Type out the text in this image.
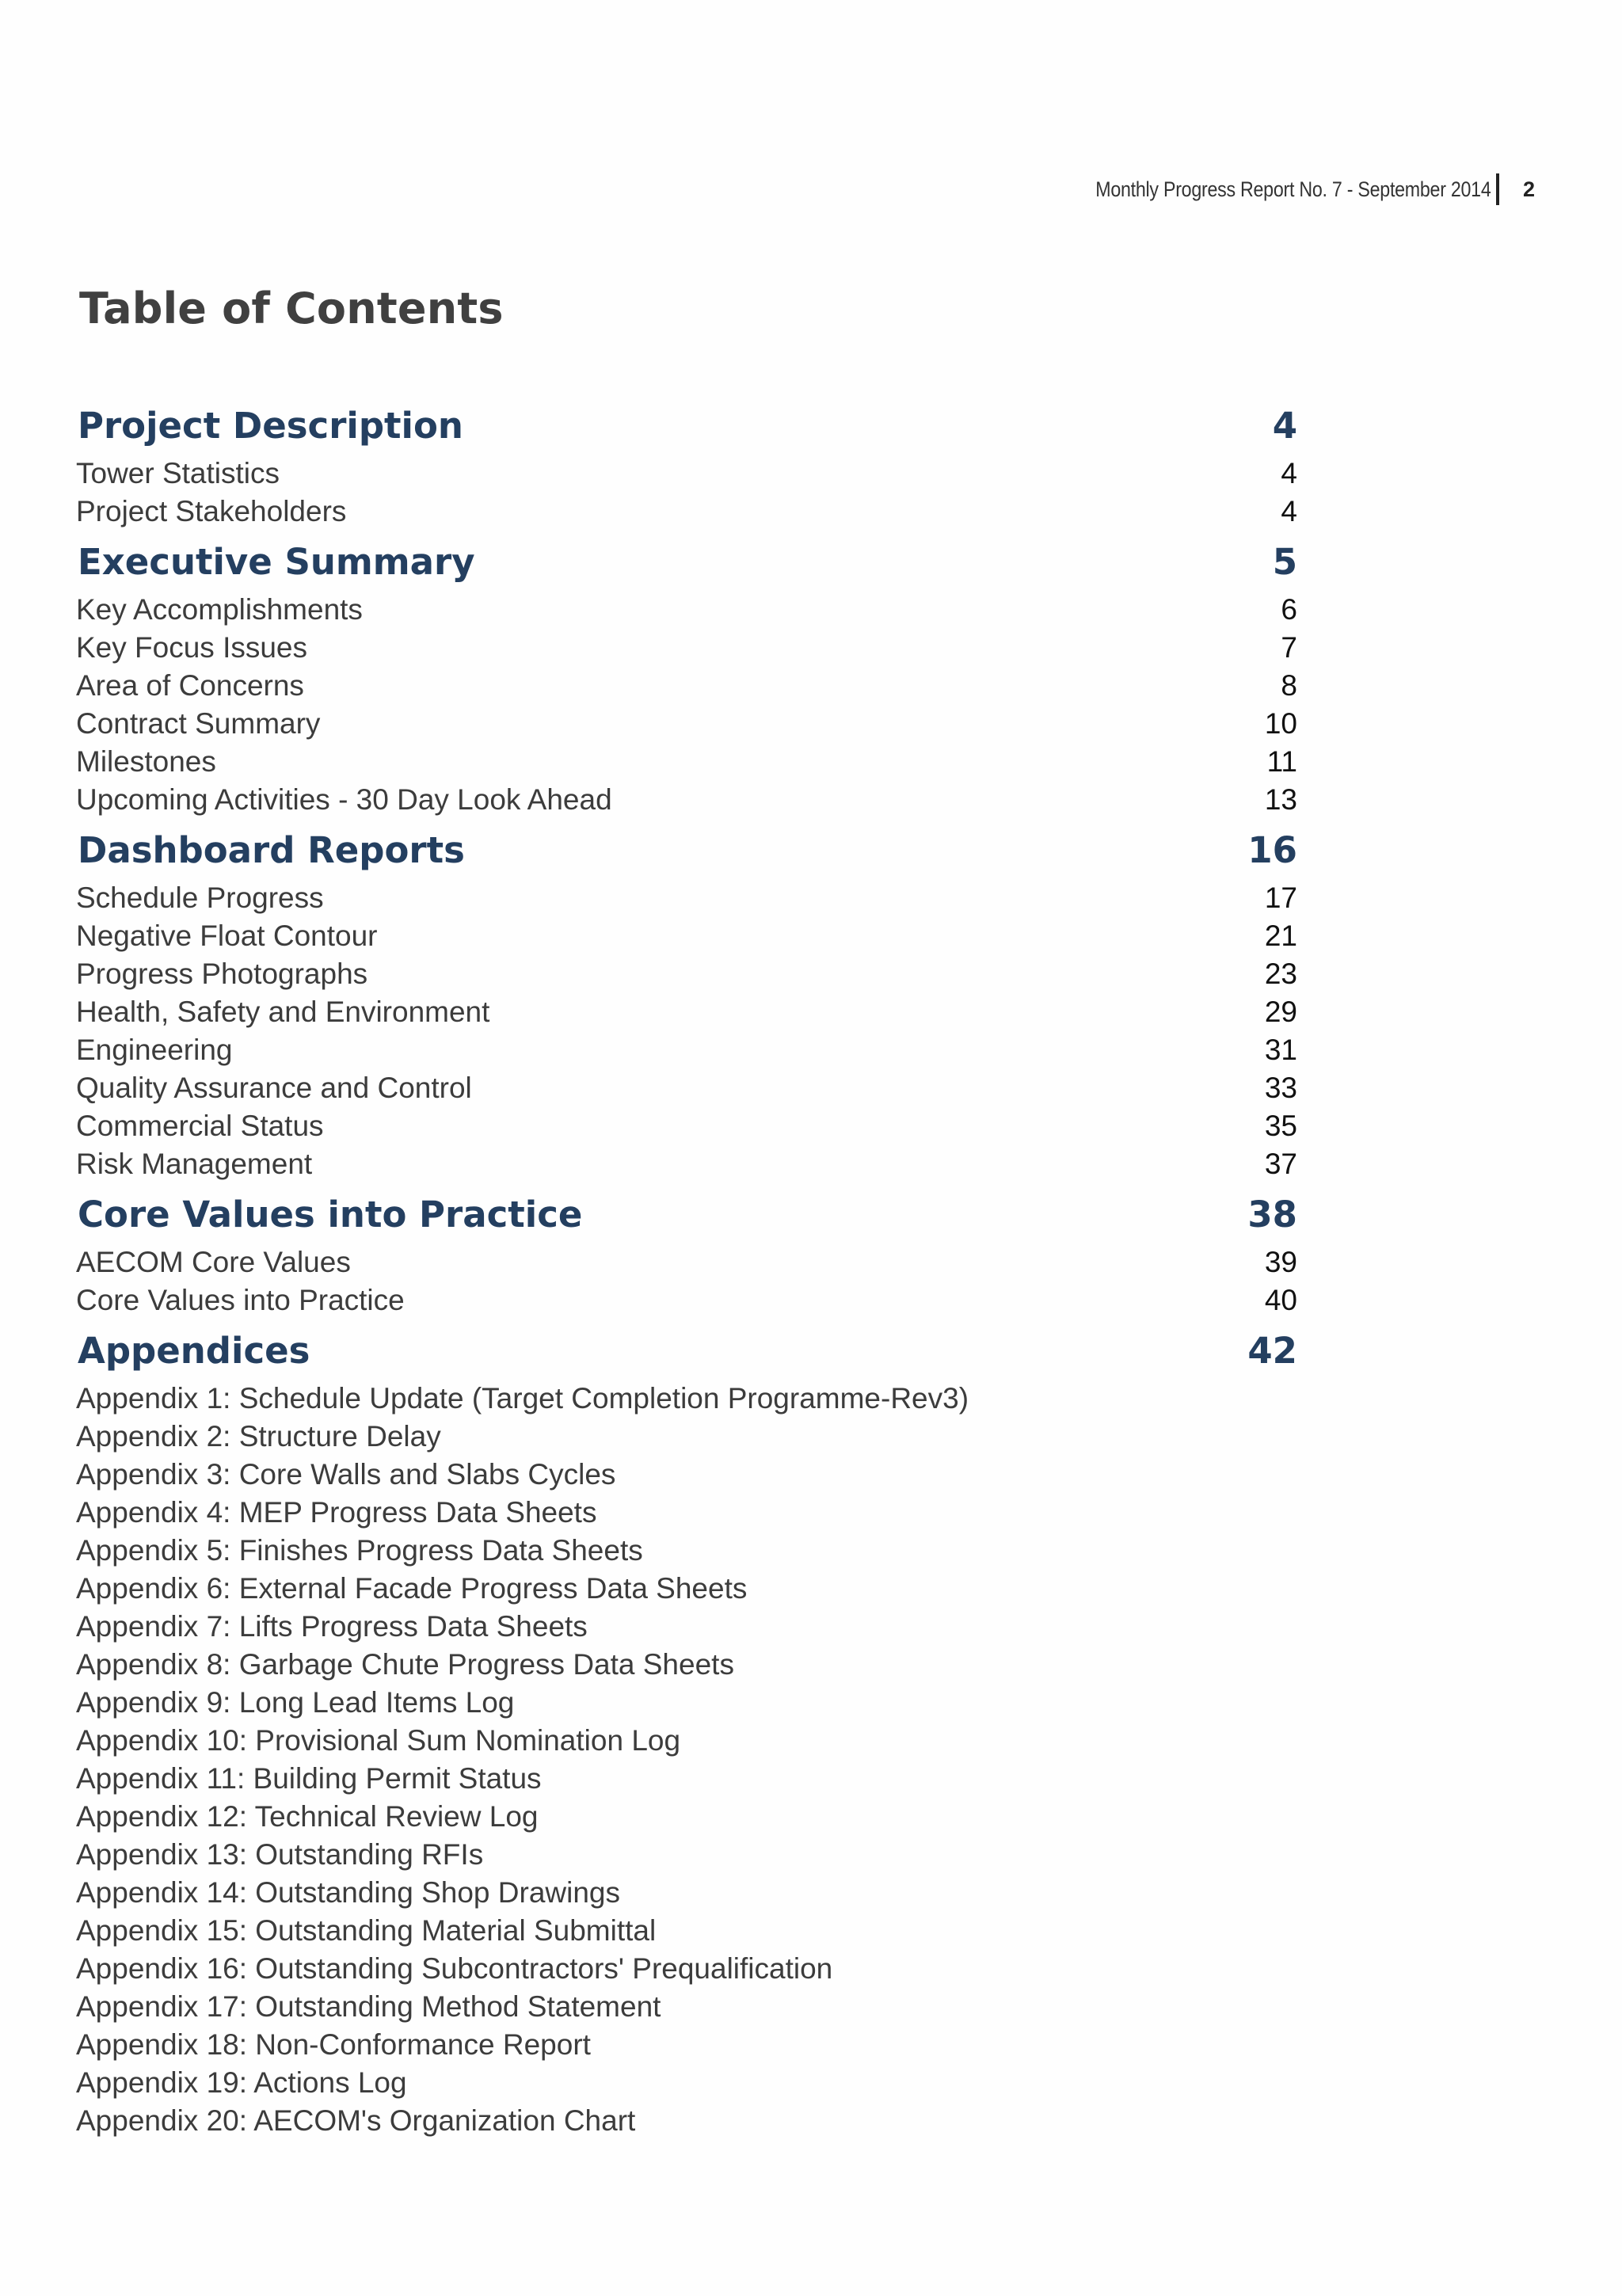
Monthly Progress Report No. 7 - September 2014 2
Table of Contents
Project Description	4
Tower Statistics	4
Project Stakeholders	4
Executive Summary	5
Key Accomplishments	6
Key Focus Issues	7
Area of Concerns	8
Contract Summary	10
Milestones	11
Upcoming Activities - 30 Day Look Ahead	13
Dashboard Reports	16
Schedule Progress	17
Negative Float Contour	21
Progress Photographs	23
Health, Safety and Environment	29
Engineering	31
Quality Assurance and Control	33
Commercial Status	35
Risk Management	37
Core Values into Practice	38
AECOM Core Values	39
Core Values into Practice	40
Appendices	42
Appendix 1: Schedule Update (Target Completion Programme-Rev3)
Appendix 2: Structure Delay
Appendix 3: Core Walls and Slabs Cycles
Appendix 4: MEP Progress Data Sheets
Appendix 5: Finishes Progress Data Sheets
Appendix 6: External Facade Progress Data Sheets
Appendix 7: Lifts Progress Data Sheets
Appendix 8: Garbage Chute Progress Data Sheets
Appendix 9: Long Lead Items Log
Appendix 10: Provisional Sum Nomination Log
Appendix 11: Building Permit Status
Appendix 12: Technical Review Log
Appendix 13: Outstanding RFIs
Appendix 14: Outstanding Shop Drawings
Appendix 15: Outstanding Material Submittal
Appendix 16: Outstanding Subcontractors' Prequalification
Appendix 17: Outstanding Method Statement
Appendix 18: Non-Conformance Report
Appendix 19: Actions Log
Appendix 20: AECOM's Organization Chart
